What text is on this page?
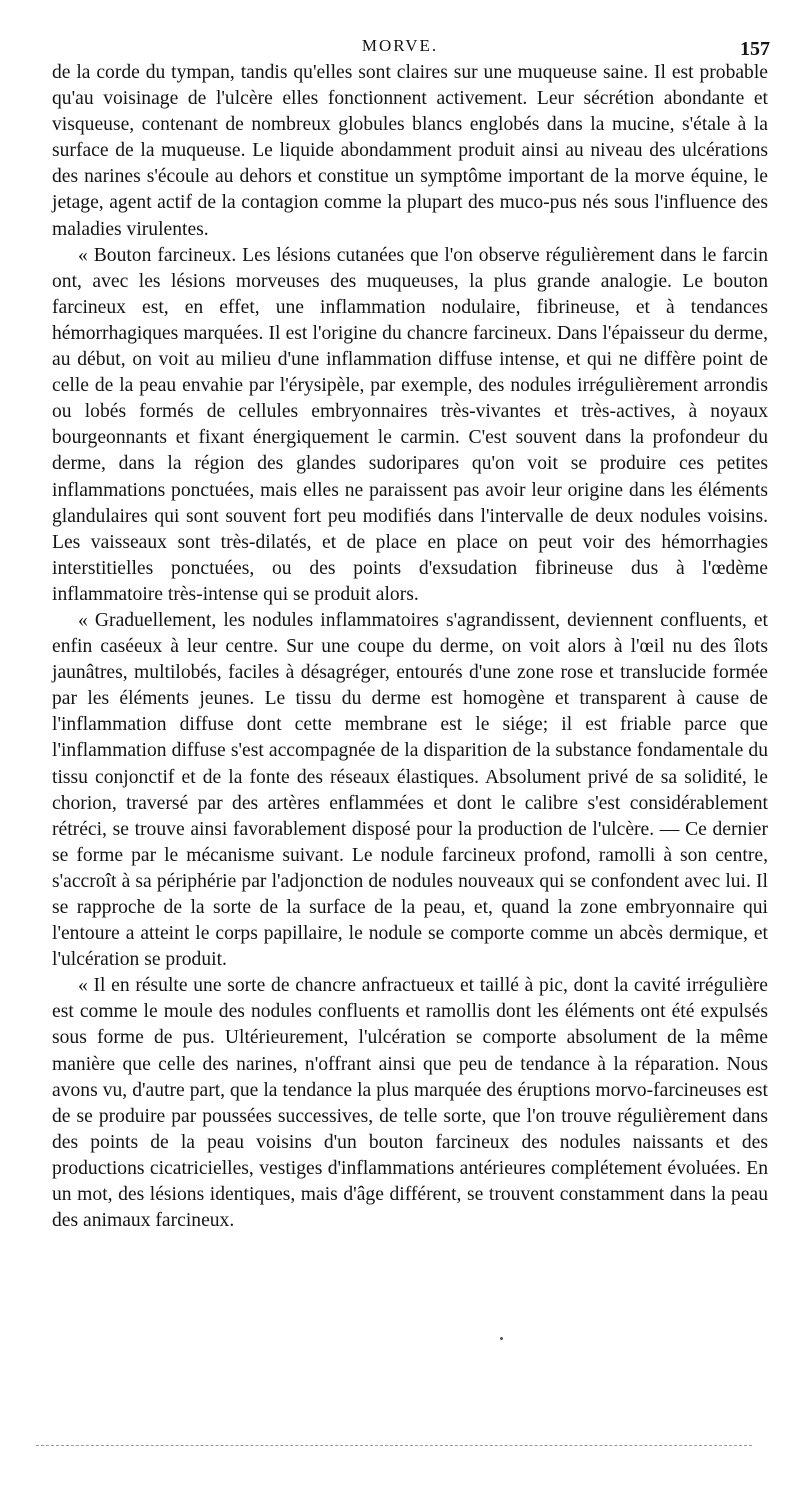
MORVE.	157

de la corde du tympan, tandis qu'elles sont claires sur une muqueuse saine. Il est probable qu'au voisinage de l'ulcère elles fonctionnent activement. Leur sécrétion abondante et visqueuse, contenant de nombreux globules blancs englobés dans la mucine, s'étale à la surface de la muqueuse. Le liquide abondamment produit ainsi au niveau des ulcérations des narines s'écoule au dehors et constitue un symptôme important de la morve équine, le jetage, agent actif de la contagion comme la plupart des muco-pus nés sous l'influence des maladies virulentes.

« Bouton farcineux. Les lésions cutanées que l'on observe régulièrement dans le farcin ont, avec les lésions morveuses des muqueuses, la plus grande analogie. Le bouton farcineux est, en effet, une inflammation nodulaire, fibrineuse, et à tendances hémorrhagiques marquées. Il est l'origine du chancre farcineux. Dans l'épaisseur du derme, au début, on voit au milieu d'une inflammation diffuse intense, et qui ne diffère point de celle de la peau envahie par l'érysipèle, par exemple, des nodules irrégulièrement arrondis ou lobés formés de cellules embryonnaires très-vivantes et très-actives, à noyaux bourgeonnants et fixant énergiquement le carmin. C'est souvent dans la profondeur du derme, dans la région des glandes sudoripares qu'on voit se produire ces petites inflammations ponctuées, mais elles ne paraissent pas avoir leur origine dans les éléments glandulaires qui sont souvent fort peu modifiés dans l'intervalle de deux nodules voisins. Les vaisseaux sont très-dilatés, et de place en place on peut voir des hémorrhagies interstitielles ponctuées, ou des points d'exsudation fibrineuse dus à l'œdème inflammatoire très-intense qui se produit alors.

« Graduellement, les nodules inflammatoires s'agrandissent, deviennent confluents, et enfin caséeux à leur centre. Sur une coupe du derme, on voit alors à l'œil nu des îlots jaunâtres, multilobés, faciles à désagréger, entourés d'une zone rose et translucide formée par les éléments jeunes. Le tissu du derme est homogène et transparent à cause de l'inflammation diffuse dont cette membrane est le siége; il est friable parce que l'inflammation diffuse s'est accompagnée de la disparition de la substance fondamentale du tissu conjonctif et de la fonte des réseaux élastiques. Absolument privé de sa solidité, le chorion, traversé par des artères enflammées et dont le calibre s'est considérablement rétréci, se trouve ainsi favorablement disposé pour la production de l'ulcère. — Ce dernier se forme par le mécanisme suivant. Le nodule farcineux profond, ramolli à son centre, s'accroît à sa périphérie par l'adjonction de nodules nouveaux qui se confondent avec lui. Il se rapproche de la sorte de la surface de la peau, et, quand la zone embryonnaire qui l'entoure a atteint le corps papillaire, le nodule se comporte comme un abcès dermique, et l'ulcération se produit.

« Il en résulte une sorte de chancre anfractueux et taillé à pic, dont la cavité irrégulière est comme le moule des nodules confluents et ramollis dont les éléments ont été expulsés sous forme de pus. Ultérieurement, l'ulcération se comporte absolument de la même manière que celle des narines, n'offrant ainsi que peu de tendance à la réparation. Nous avons vu, d'autre part, que la tendance la plus marquée des éruptions morvo-farcineuses est de se produire par poussées successives, de telle sorte, que l'on trouve régulièrement dans des points de la peau voisins d'un bouton farcineux des nodules naissants et des productions cicatricielles, vestiges d'inflammations antérieures complétement évoluées. En un mot, des lésions identiques, mais d'âge différent, se trouvent constamment dans la peau des animaux farcineux.
